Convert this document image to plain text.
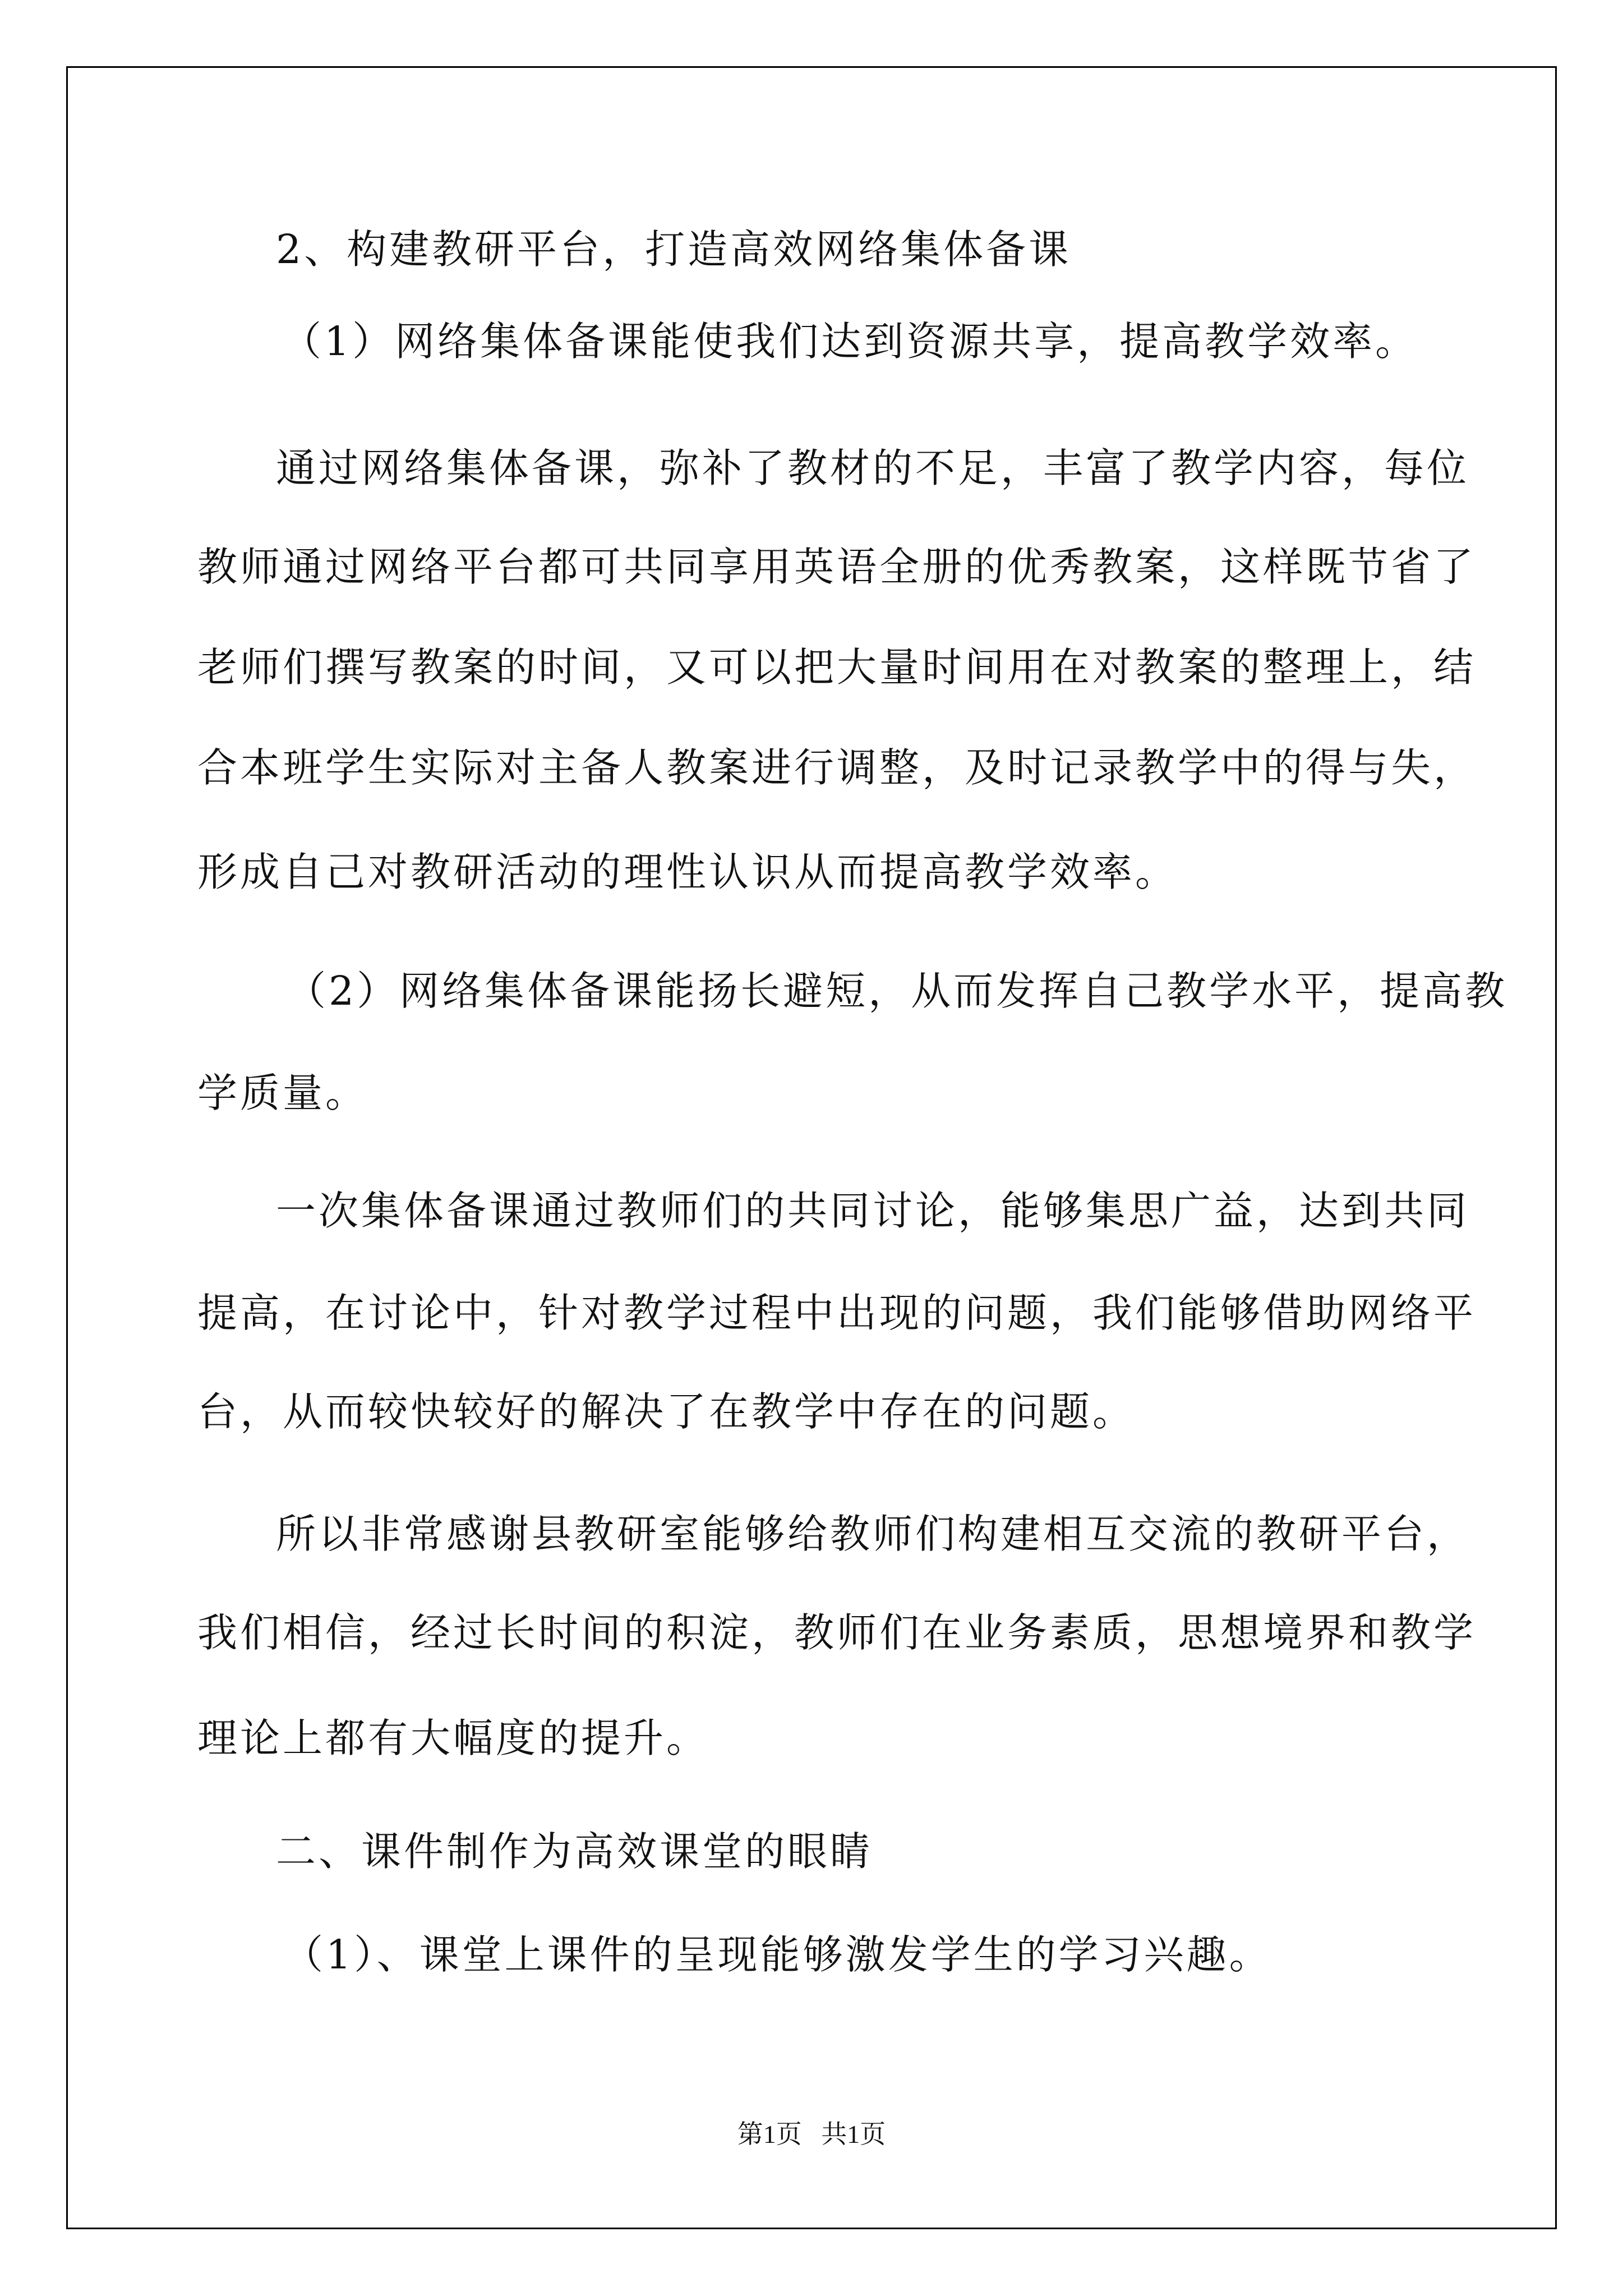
2、构建教研平台，打造高效网络集体备课
（1）网络集体备课能使我们达到资源共享，提高教学效率。
通过网络集体备课，弥补了教材的不足，丰富了教学内容，每位
教师通过网络平台都可共同享用英语全册的优秀教案，这样既节省了
老师们撰写教案的时间，又可以把大量时间用在对教案的整理上，结
合本班学生实际对主备人教案进行调整，及时记录教学中的得与失，
形成自己对教研活动的理性认识从而提高教学效率。
（2）网络集体备课能扬长避短，从而发挥自己教学水平，提高教
学质量。
一次集体备课通过教师们的共同讨论，能够集思广益，达到共同
提高，在讨论中，针对教学过程中出现的问题，我们能够借助网络平
台，从而较快较好的解决了在教学中存在的问题。
所以非常感谢县教研室能够给教师们构建相互交流的教研平台，
我们相信，经过长时间的积淀，教师们在业务素质，思想境界和教学
理论上都有大幅度的提升。
二、课件制作为高效课堂的眼睛
（1）、课堂上课件的呈现能够激发学生的学习兴趣。
第1页   共1页
